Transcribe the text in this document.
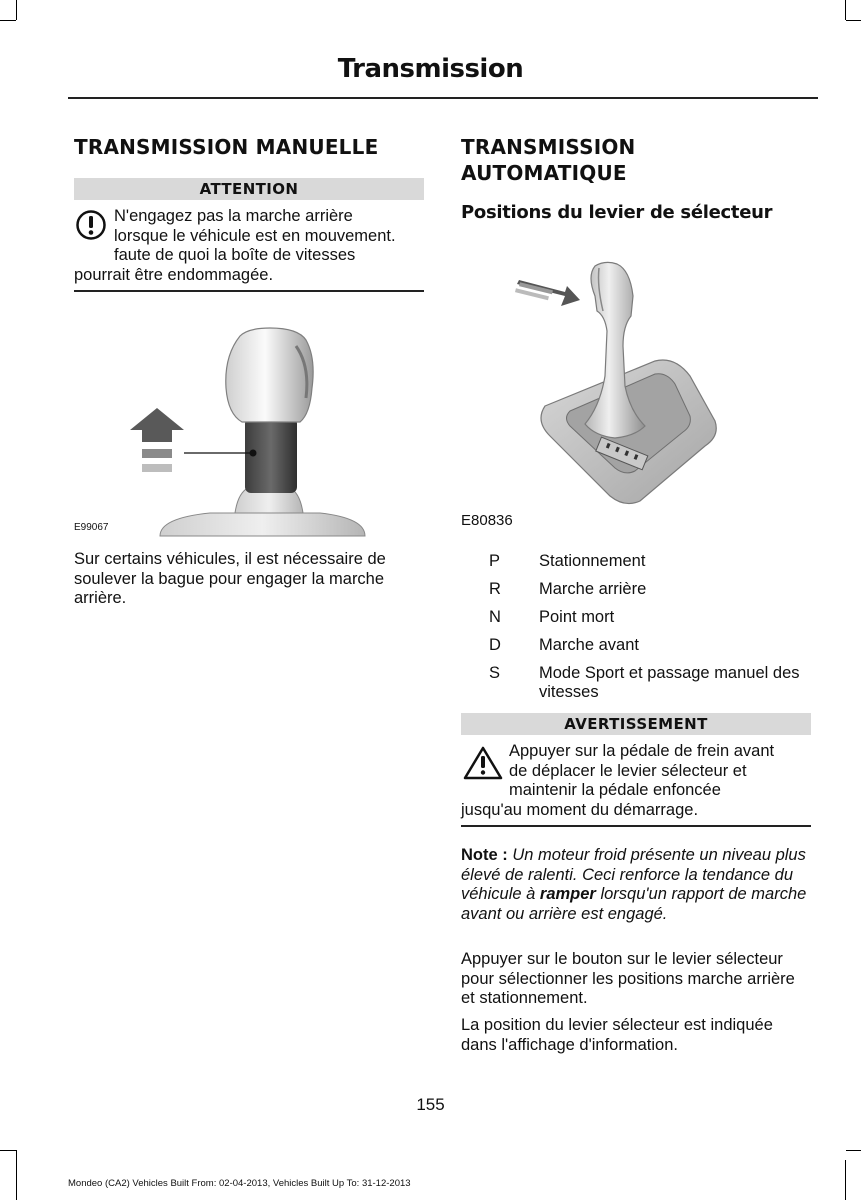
Transmission
TRANSMISSION MANUELLE
ATTENTION
N'engagez pas la marche arrière
lorsque le véhicule est en mouvement.
faute de quoi la boîte de vitesses
pourrait être endommagée.
E99067

Sur certains véhicules, il est nécessaire de soulever la bague pour engager la marche arrière.

TRANSMISSION
AUTOMATIQUE
Positions du levier de sélecteur
E80836
P	Stationnement
R	Marche arrière
N	Point mort
D	Marche avant
S	Mode Sport et passage manuel des vitesses
AVERTISSEMENT
Appuyer sur la pédale de frein avant
de déplacer le levier sélecteur et
maintenir la pédale enfoncée
jusqu'au moment du démarrage.

Note : Un moteur froid présente un niveau plus élevé de ralenti. Ceci renforce la tendance du véhicule à ramper lorsqu'un rapport de marche avant ou arrière est engagé.

Appuyer sur le bouton sur le levier sélecteur pour sélectionner les positions marche arrière et stationnement.

La position du levier sélecteur est indiquée dans l'affichage d'information.

155
Mondeo (CA2) Vehicles Built From: 02-04-2013, Vehicles Built Up To: 31-12-2013
